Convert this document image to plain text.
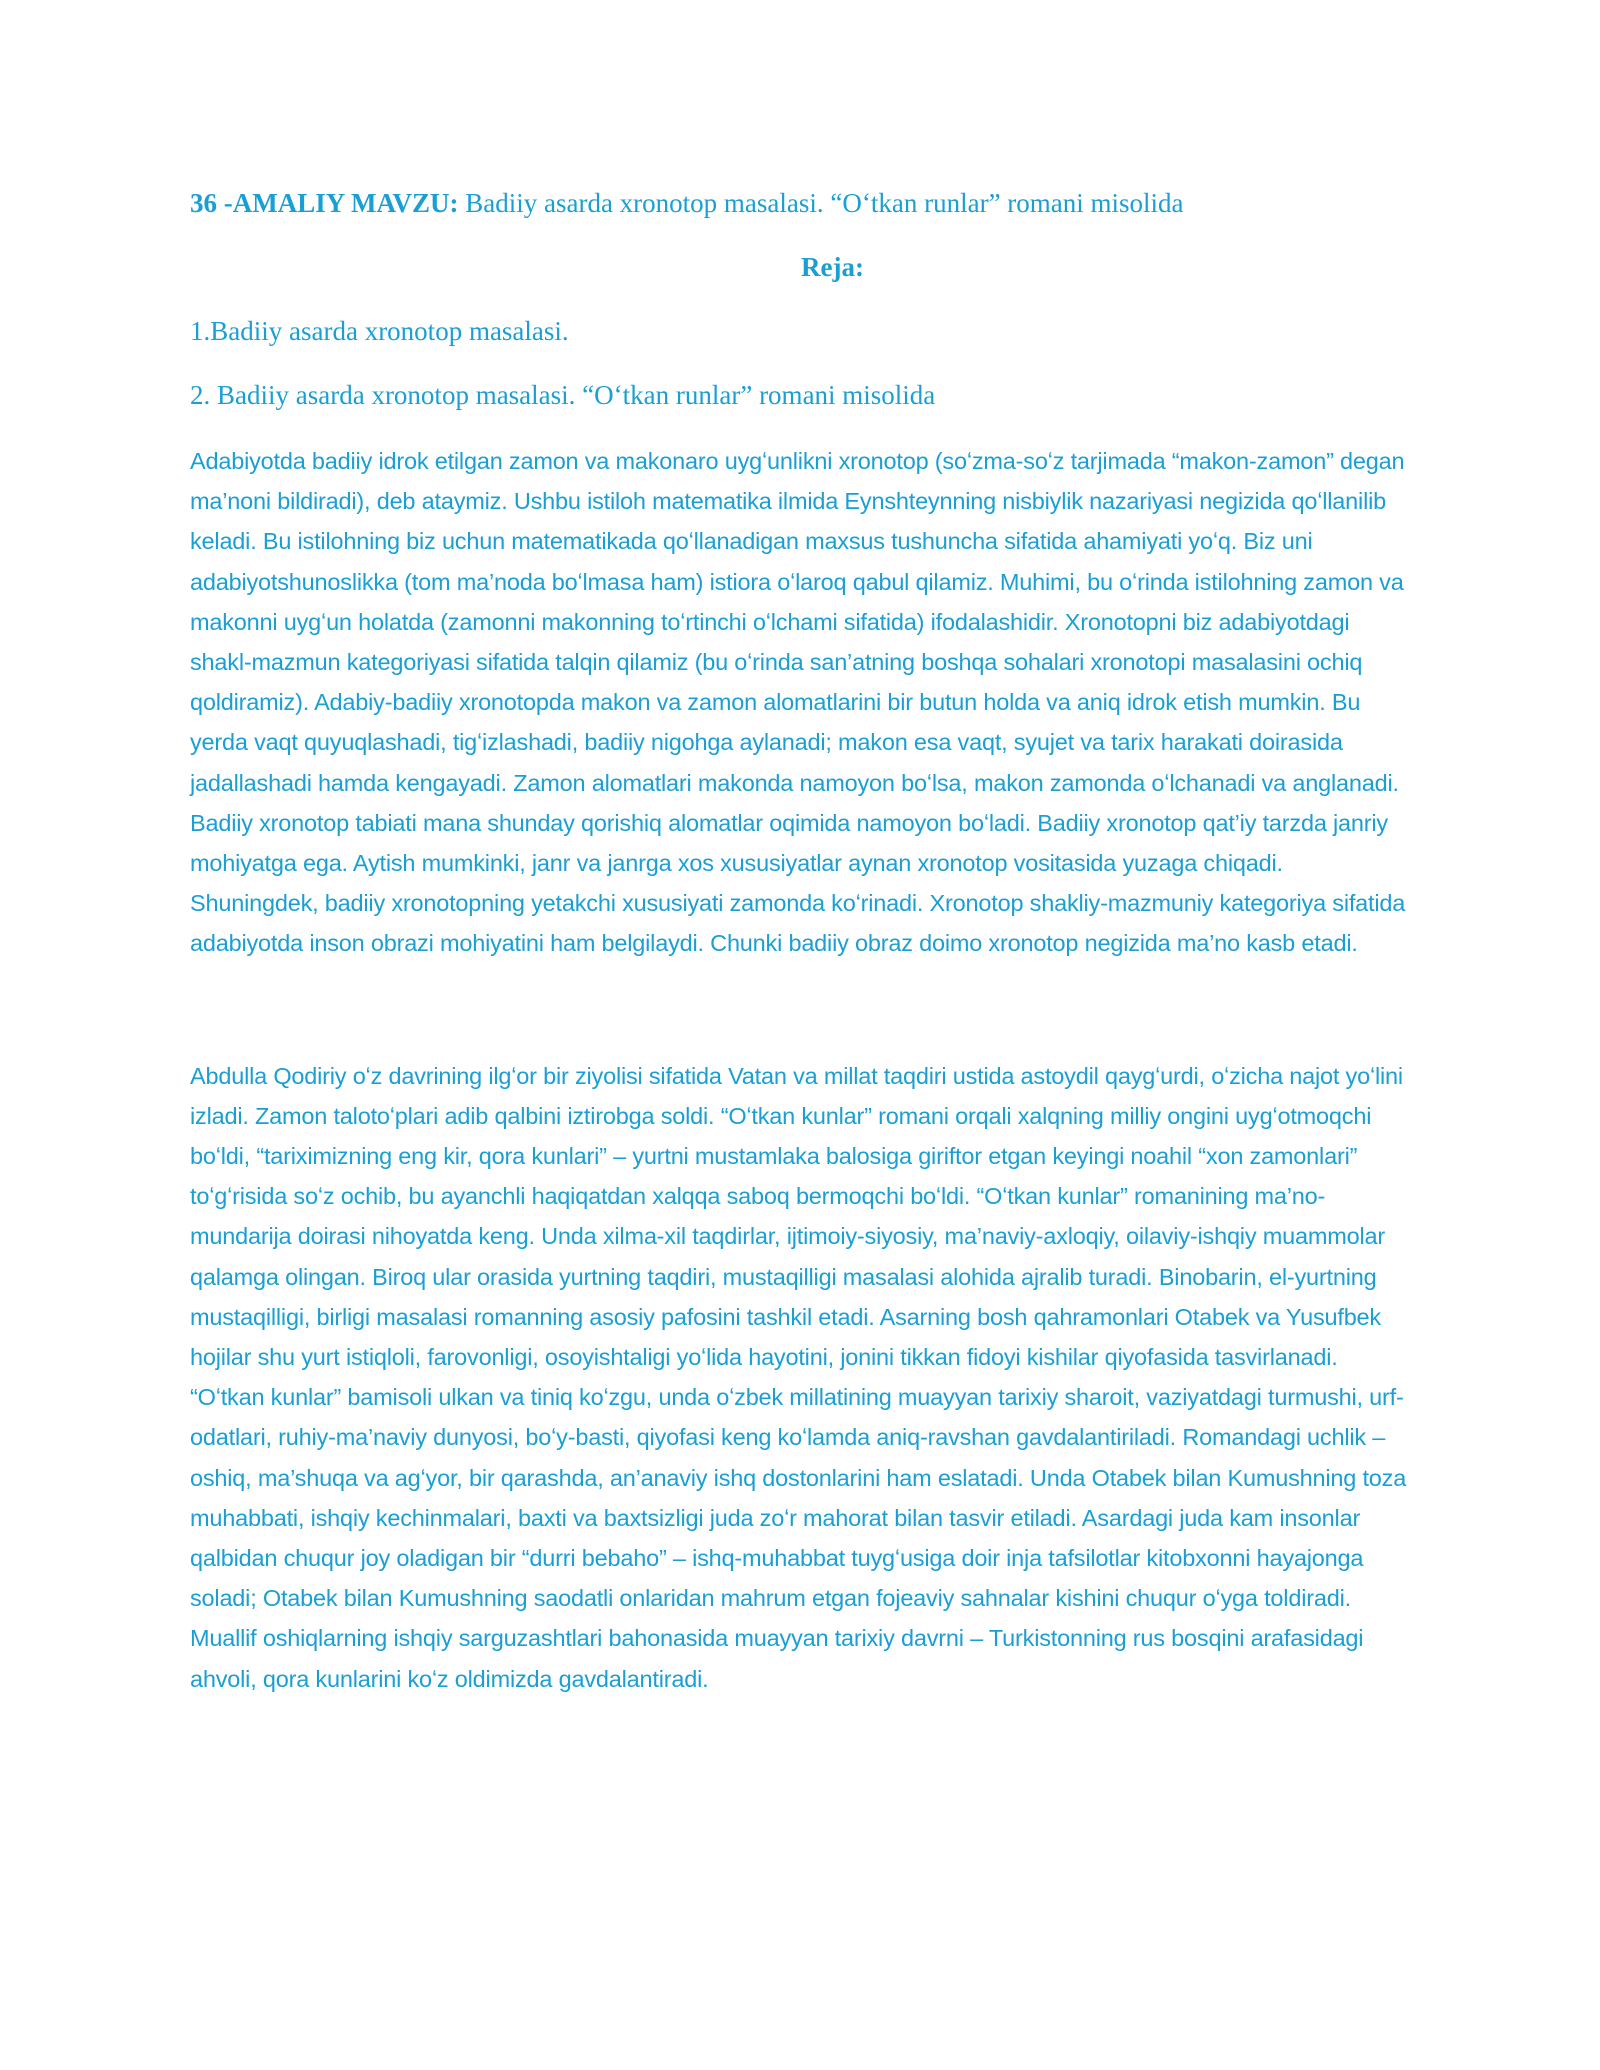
36 -AMALIY MAVZU: Badiiy asarda xronotop masalasi. “Oʻtkan runlar” romani misolida

Reja:

1.Badiiy asarda xronotop masalasi.

2. Badiiy asarda xronotop masalasi. “Oʻtkan runlar” romani misolida

Adabiyotda badiiy idrok etilgan zamon va makonaro uygʻunlikni xronotop (soʻzma-soʻz tarjimada “makon-zamon” degan ma’noni bildiradi), deb ataymiz. Ushbu istiloh matematika ilmida Eynshteynning nisbiylik nazariyasi negizida qoʻllanilib keladi. Bu istilohning biz uchun matematikada qoʻllanadigan maxsus tushuncha sifatida ahamiyati yoʻq. Biz uni adabiyotshunoslikka (tom ma’noda boʻlmasa ham) istiora oʻlaroq qabul qilamiz. Muhimi, bu oʻrinda istilohning zamon va makonni uygʻun holatda (zamonni makonning toʻrtinchi oʻlchami sifatida) ifodalashidir. Xronotopni biz adabiyotdagi shakl-mazmun kategoriyasi sifatida talqin qilamiz (bu oʻrinda san’atning boshqa sohalari xronotopi masalasini ochiq qoldiramiz). Adabiy-badiiy xronotopda makon va zamon alomatlarini bir butun holda va aniq idrok etish mumkin. Bu yerda vaqt quyuqlashadi, tigʻizlashadi, badiiy nigohga aylanadi; makon esa vaqt, syujet va tarix harakati doirasida jadallashadi hamda kengayadi. Zamon alomatlari makonda namoyon boʻlsa, makon zamonda oʻlchanadi va anglanadi. Badiiy xronotop tabiati mana shunday qorishiq alomatlar oqimida namoyon boʻladi. Badiiy xronotop qat’iy tarzda janriy mohiyatga ega. Aytish mumkinki, janr va janrga xos xususiyatlar aynan xronotop vositasida yuzaga chiqadi. Shuningdek, badiiy xronotopning yetakchi xususiyati zamonda koʻrinadi. Xronotop shakliy-mazmuniy kategoriya sifatida adabiyotda inson obrazi mohiyatini ham belgilaydi. Chunki badiiy obraz doimo xronotop negizida ma’no kasb etadi.

Abdulla Qodiriy oʻz davrining ilgʻor bir ziyolisi sifatida Vatan va millat taqdiri ustida astoydil qaygʻurdi, oʻzicha najot yoʻlini izladi. Zamon talotoʻplari adib qalbini iztirobga soldi. “Oʻtkan kunlar” romani orqali xalqning milliy ongini uygʻotmoqchi boʻldi, “tariximizning eng kir, qora kunlari” – yurtni mustamlaka balosiga giriftor etgan keyingi noahil “xon zamonlari” toʻgʻrisida soʻz ochib, bu ayanchli haqiqatdan xalqqa saboq bermoqchi boʻldi. “Oʻtkan kunlar” romanining ma’no-mundarija doirasi nihoyatda keng. Unda xilma-xil taqdirlar, ijtimoiy-siyosiy, ma’naviy-axloqiy, oilaviy-ishqiy muammolar qalamga olingan. Biroq ular orasida yurtning taqdiri, mustaqilligi masalasi alohida ajralib turadi. Binobarin, el-yurtning mustaqilligi, birligi masalasi romanning asosiy pafosini tashkil etadi. Asarning bosh qahramonlari Otabek va Yusufbek hojilar shu yurt istiqloli, farovonligi, osoyishtaligi yoʻlida hayotini, jonini tikkan fidoyi kishilar qiyofasida tasvirlanadi. “Oʻtkan kunlar” bamisoli ulkan va tiniq koʻzgu, unda oʻzbek millatining muayyan tarixiy sharoit, vaziyatdagi turmushi, urf-odatlari, ruhiy-ma’naviy dunyosi, boʻy-basti, qiyofasi keng koʻlamda aniq-ravshan gavdalantiriladi. Romandagi uchlik – oshiq, ma’shuqa va agʻyor, bir qarashda, an’anaviy ishq dostonlarini ham eslatadi. Unda Otabek bilan Kumushning toza muhabbati, ishqiy kechinmalari, baxti va baxtsizligi juda zoʻr mahorat bilan tasvir etiladi. Asardagi juda kam insonlar qalbidan chuqur joy oladigan bir “durri bebaho” – ishq-muhabbat tuygʻusiga doir inja tafsilotlar kitobxonni hayajonga soladi; Otabek bilan Kumushning saodatli onlaridan mahrum etgan fojeaviy sahnalar kishini chuqur oʻyga toldiradi. Muallif oshiqlarning ishqiy sarguzashtlari bahonasida muayyan tarixiy davrni – Turkistonning rus bosqini arafasidagi ahvoli, qora kunlarini koʻz oldimizda gavdalantiradi.
